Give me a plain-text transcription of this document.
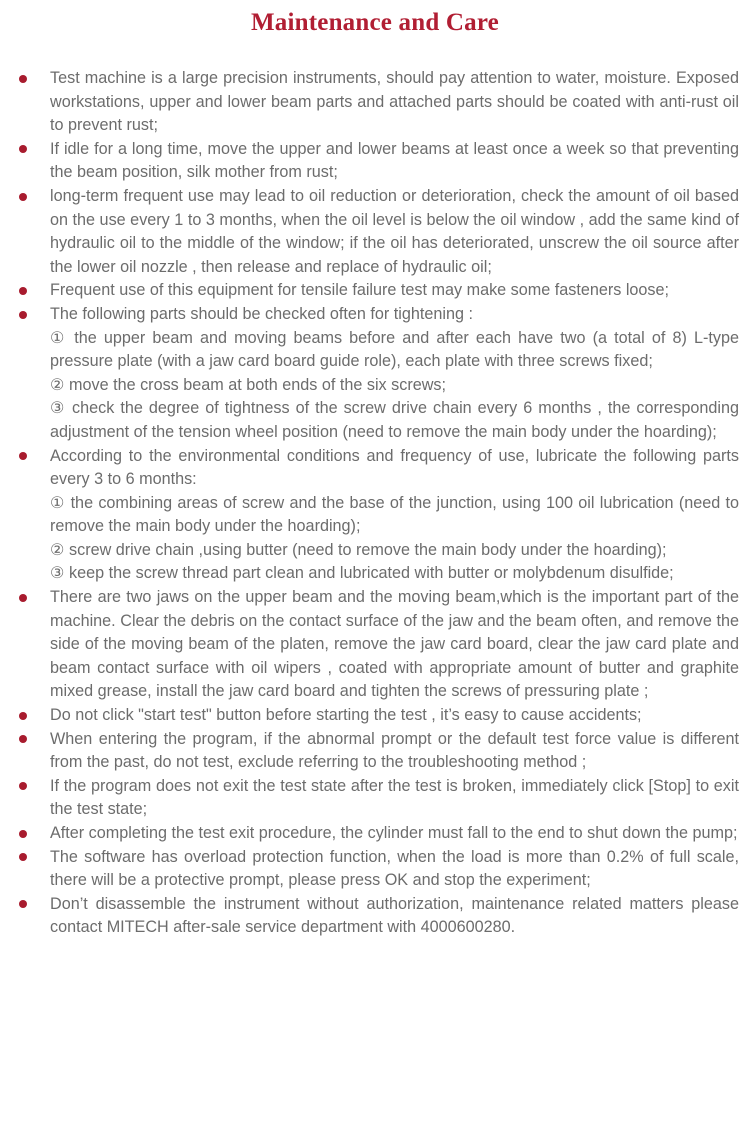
Maintenance and Care
Test machine is a large precision instruments, should pay attention to water, moisture. Exposed workstations, upper and lower beam parts and attached parts should be coated with anti-rust oil to prevent rust;
If idle for a long time, move the upper and lower beams at least once a week so that preventing the beam position, silk mother from rust;
long-term frequent use may lead to oil reduction or deterioration, check the amount of oil based on the use every 1 to 3 months, when the oil level is below the oil window , add the same kind of hydraulic oil to the middle of the window; if the oil has deteriorated, unscrew the oil source after the lower oil nozzle , then release and replace of hydraulic oil;
Frequent use of this equipment for tensile failure test may make some fasteners loose;
The following parts should be checked often for tightening :
① the upper beam and moving beams before and after each have two (a total of 8) L-type pressure plate (with a jaw card board guide role), each plate with three screws fixed;
② move the cross beam at both ends of the six screws;
③ check the degree of tightness of the screw drive chain every 6 months , the corresponding adjustment of the tension wheel position (need to remove the main body under the hoarding);
According to the environmental conditions and frequency of use, lubricate the following parts every 3 to 6 months:
① the combining areas of screw and the base of the junction, using 100 oil lubrication (need to remove the main body under the hoarding);
② screw drive chain ,using butter (need to remove the main body under the hoarding);
③ keep the screw thread part clean and lubricated with butter or molybdenum disulfide;
There are two jaws on the upper beam and the moving beam,which is the important part of the machine. Clear the debris on the contact surface of the jaw and the beam often, and remove the side of the moving beam of the platen, remove the jaw card board, clear the jaw card plate and beam contact surface with oil wipers , coated with appropriate amount of butter and graphite mixed grease, install the jaw card board and tighten the screws of pressuring plate ;
Do not click "start test" button before starting the test , it’s easy to cause accidents;
When entering the program, if the abnormal prompt or the default test force value is different from the past, do not test, exclude referring to the troubleshooting method ;
If the program does not exit the test state after the test is broken, immediately click [Stop] to exit the test state;
After completing the test exit procedure, the cylinder must fall to the end to shut down the pump;
The software has overload protection function, when the load is more than 0.2% of full scale, there will be a protective prompt, please press OK and stop the experiment;
Don’t disassemble the instrument without authorization, maintenance related matters please contact MITECH after-sale service department with 4000600280.
